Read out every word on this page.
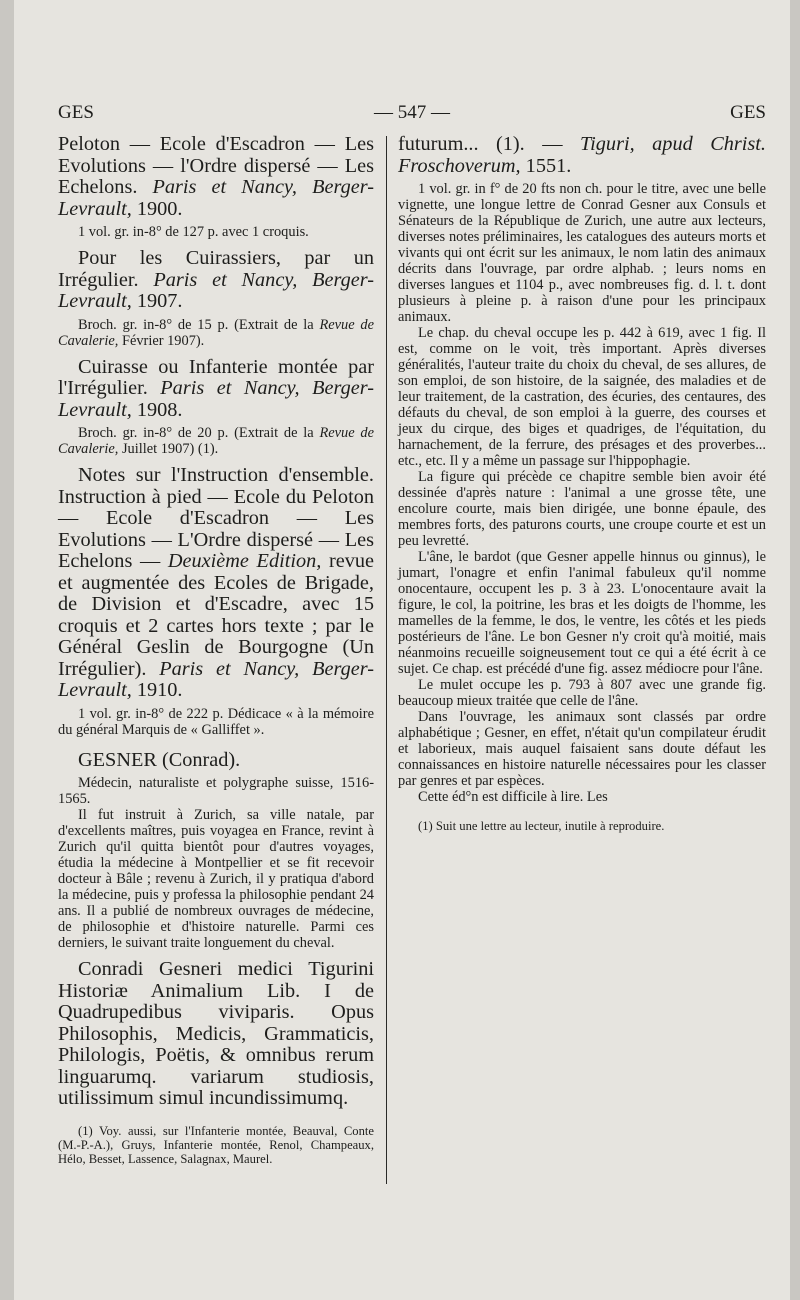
GES	— 547 —	GES

Peloton — Ecole d'Escadron — Les Evolutions — l'Ordre dispersé — Les Echelons. Paris et Nancy, Berger-Levrault, 1900.

1 vol. gr. in-8° de 127 p. avec 1 croquis.

Pour les Cuirassiers, par un Irrégulier. Paris et Nancy, Berger-Levrault, 1907.

Broch. gr. in-8° de 15 p. (Extrait de la Revue de Cavalerie, Février 1907).

Cuirasse ou Infanterie montée par l'Irrégulier. Paris et Nancy, Berger-Levrault, 1908.

Broch. gr. in-8° de 20 p. (Extrait de la Revue de Cavalerie, Juillet 1907) (1).

Notes sur l'Instruction d'ensemble. Instruction à pied — Ecole du Peloton — Ecole d'Escadron — Les Evolutions — L'Ordre dispersé — Les Echelons — Deuxième Edition, revue et augmentée des Ecoles de Brigade, de Division et d'Escadre, avec 15 croquis et 2 cartes hors texte ; par le Général Geslin de Bourgogne (Un Irrégulier). Paris et Nancy, Berger-Levrault, 1910.

1 vol. gr. in-8° de 222 p. Dédicace « à la mémoire du général Marquis de « Galliffet ».

GESNER (Conrad).

Médecin, naturaliste et polygraphe suisse, 1516-1565.

Il fut instruit à Zurich, sa ville natale, par d'excellents maîtres, puis voyagea en France, revint à Zurich qu'il quitta bientôt pour d'autres voyages, étudia la médecine à Montpellier et se fit recevoir docteur à Bâle ; revenu à Zurich, il y pratiqua d'abord la médecine, puis y professa la philosophie pendant 24 ans. Il a publié de nombreux ouvrages de médecine, de philosophie et d'histoire naturelle. Parmi ces derniers, le suivant traite longuement du cheval.

Conradi Gesneri medici Tigurini Historiæ Animalium Lib. I de Quadrupedibus viviparis. Opus Philosophis, Medicis, Grammaticis, Philologis, Poëtis, & omnibus rerum linguarumq. variarum studiosis, utilissimum simul incundissimumq.

(1) Voy. aussi, sur l'Infanterie montée, Beauval, Conte (M.-P.-A.), Gruys, Infanterie montée, Renol, Champeaux, Hélo, Besset, Lassence, Salagnax, Maurel.

futurum... (1). — Tiguri, apud Christ. Froschoverum, 1551.

1 vol. gr. in f° de 20 fts non ch. pour le titre, avec une belle vignette, une longue lettre de Conrad Gesner aux Consuls et Sénateurs de la République de Zurich, une autre aux lecteurs, diverses notes préliminaires, les catalogues des auteurs morts et vivants qui ont écrit sur les animaux, le nom latin des animaux décrits dans l'ouvrage, par ordre alphab. ; leurs noms en diverses langues et 1104 p., avec nombreuses fig. d. l. t. dont plusieurs à pleine p. à raison d'une pour les principaux animaux.

Le chap. du cheval occupe les p. 442 à 619, avec 1 fig. Il est, comme on le voit, très important. Après diverses généralités, l'auteur traite du choix du cheval, de ses allures, de son emploi, de son histoire, de la saignée, des maladies et de leur traitement, de la castration, des écuries, des centaures, des défauts du cheval, de son emploi à la guerre, des courses et jeux du cirque, des biges et quadriges, de l'équitation, du harnachement, de la ferrure, des présages et des proverbes... etc., etc. Il y a même un passage sur l'hippophagie.

La figure qui précède ce chapitre semble bien avoir été dessinée d'après nature : l'animal a une grosse tête, une encolure courte, mais bien dirigée, une bonne épaule, des membres forts, des paturons courts, une croupe courte et est un peu levretté.

L'âne, le bardot (que Gesner appelle hinnus ou ginnus), le jumart, l'onagre et enfin l'animal fabuleux qu'il nomme onocentaure, occupent les p. 3 à 23. L'onocentaure avait la figure, le col, la poitrine, les bras et les doigts de l'homme, les mamelles de la femme, le dos, le ventre, les côtés et les pieds postérieurs de l'âne. Le bon Gesner n'y croit qu'à moitié, mais néanmoins recueille soigneusement tout ce qui a été écrit à ce sujet. Ce chap. est précédé d'une fig. assez médiocre pour l'âne.

Le mulet occupe les p. 793 à 807 avec une grande fig. beaucoup mieux traitée que celle de l'âne.

Dans l'ouvrage, les animaux sont classés par ordre alphabétique ; Gesner, en effet, n'était qu'un compilateur érudit et laborieux, mais auquel faisaient sans doute défaut les connaissances en histoire naturelle nécessaires pour les classer par genres et par espèces.

Cette éd°n est difficile à lire. Les

(1) Suit une lettre au lecteur, inutile à reproduire.
